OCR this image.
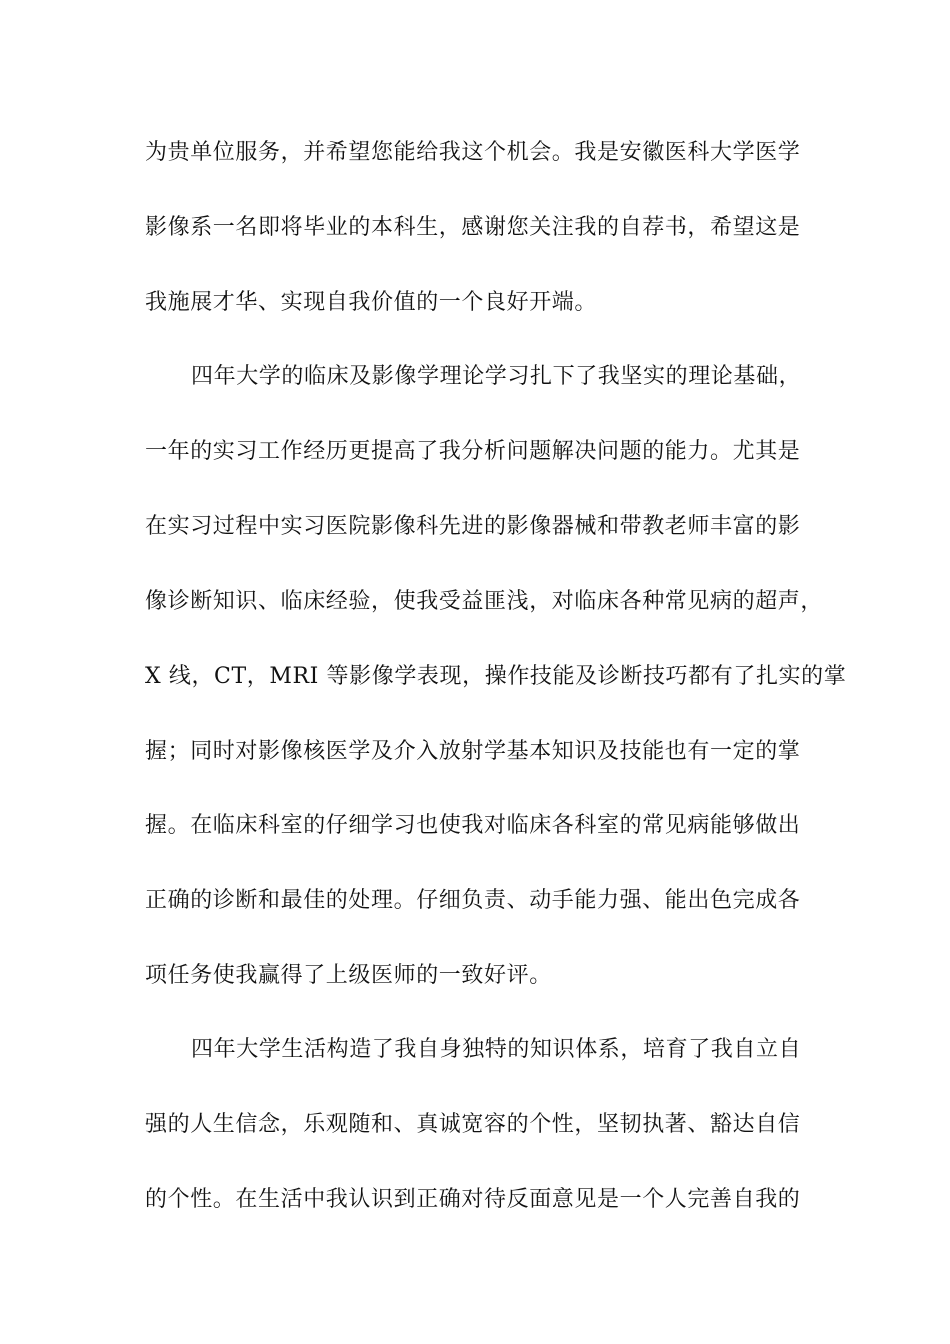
为贵单位服务，并希望您能给我这个机会。我是安徽医科大学医学
影像系一名即将毕业的本科生，感谢您关注我的自荐书，希望这是
我施展才华、实现自我价值的一个良好开端。
四年大学的临床及影像学理论学习扎下了我坚实的理论基础，
一年的实习工作经历更提高了我分析问题解决问题的能力。尤其是
在实习过程中实习医院影像科先进的影像器械和带教老师丰富的影
像诊断知识、临床经验，使我受益匪浅，对临床各种常见病的超声，
X 线，CT，MRI 等影像学表现，操作技能及诊断技巧都有了扎实的掌
握；同时对影像核医学及介入放射学基本知识及技能也有一定的掌
握。在临床科室的仔细学习也使我对临床各科室的常见病能够做出
正确的诊断和最佳的处理。仔细负责、动手能力强、能出色完成各
项任务使我赢得了上级医师的一致好评。
四年大学生活构造了我自身独特的知识体系，培育了我自立自
强的人生信念，乐观随和、真诚宽容的个性，坚韧执著、豁达自信
的个性。在生活中我认识到正确对待反面意见是一个人完善自我的
